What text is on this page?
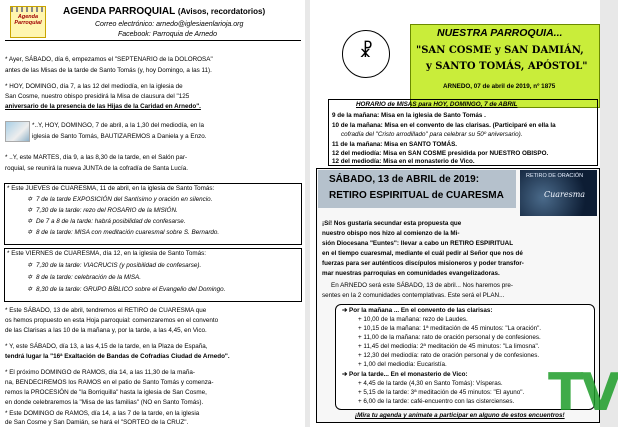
Agenda Parroquial
AGENDA PARROQUIAL (Avisos, recordatorios)
Correo electrónico: arnedo@iglesiaenlarioja.org
Facebook: Parroquia de Arnedo
* Ayer, SÁBADO, día 6, empezamos el "SEPTENARIO de la DOLOROSA"
antes de las Misas de la tarde de Santo Tomás (y, hoy Domingo, a las 11).
* HOY, DOMINGO, día 7, a las 12 del mediodía, en la iglesia de
San Cosme, nuestro obispo presidirá la Misa de clausura del "125
aniversario de la presencia de las Hijas de la Caridad en Arnedo".
*..Y, HOY, DOMINGO, 7 de abril, a la 1,30 del mediodía, en la
iglesia de Santo Tomás, BAUTIZAREMOS a Daniela y a Enzo.
* ..Y, este MARTES, día 9, a las 8,30 de la tarde, en el Salón par-
roquial, se reunirá la nueva JUNTA de la cofradía de Santa Lucía.
* Este JUEVES de CUARESMA, 11 de abril, en la iglesia de Santo Tomás:
✡ 7 de la tarde EXPOSICIÓN del Santísimo y oración en silencio.
✡ 7,30 de la tarde: rezo del ROSARIO de la MISIÓN.
✡ De 7 a 8 de la tarde: habrá posibilidad de confesarse.
✡ 8 de la tarde: MISA con meditación cuaresmal sobre S. Bernardo.
* Este VIERNES de CUARESMA, día 12, en la iglesia de Santo Tomás:
✡ 7,30 de la tarde: VIACRUCIS (y posibilidad de confesarse).
✡ 8 de la tarde: celebración de la MISA.
✡ 8,30 de la tarde: GRUPO BÍBLICO sobre el Evangelio del Domingo.
* Este SÁBADO, 13 de abril, tendremos el RETIRO de CUARESMA que
os hemos propuesto en esta Hoja parroquial: comenzaremos en el convento
de las Clarisas a las 10 de la mañana y, por la tarde, a las 4,45, en Vico.
* Y, este SÁBADO, día 13, a las 4,15 de la tarde, en la Plaza de España,
tendrá lugar la "16ª Exaltación de Bandas de Cofradías Ciudad de Arnedo".
* El próximo DOMINGO de RAMOS, día 14, a las 11,30 de la maña-
na, BENDECIREMOS los RAMOS en el patio de Santo Tomás y comenza-
remos la PROCESIÓN de "la Borriquilla" hasta la iglesia de San Cosme,
en donde celebraremos la "Misa de las familias" (NO en Santo Tomás).
* Este DOMINGO de RAMOS, día 14, a las 7 de la tarde, en la iglesia
de San Cosme y San Damián, se hará el "SORTEO de la CRUZ".
☧
NUESTRA PARROQUIA...
"SAN COSME y SAN DAMIÁN,
y SANTO TOMÁS, APÓSTOL"
ARNEDO, 07 de abril de 2019, nº 1875
HORARIO de MISAS para HOY, DOMINGO, 7 de ABRIL
9 de la mañana: Misa en la iglesia de Santo Tomás .
10 de la mañana: Misa en el convento de las clarisas. (Participaré en ella la
cofradía del "Cristo arrodillado" para celebrar su 50º aniversario).
11 de la mañana: Misa en SANTO TOMÁS.
12 del mediodía: Misa en SAN COSME presidida por NUESTRO OBISPO.
12 del mediodía: Misa en el monasterio de Vico.
SÁBADO, 13 de ABRIL de 2019:
RETIRO ESPIRITUAL de CUARESMA
RETIRO DE ORACIÓN
Cuaresma
¡Sí! Nos gustaría secundar esta propuesta que
nuestro obispo nos hizo al comienzo de la Mi-
sión Diocesana "Euntes": llevar a cabo un RETIRO ESPIRITUAL
en el tiempo cuaresmal, mediante el cuál pedir al Señor que nos dé
fuerzas para ser auténticos discípulos misioneros y poder transfor-
mar nuestras parroquias en comunidades evangelizadoras.
En ARNEDO será este SÁBADO, 13 de abril... Nos haremos pre-
sentes en la 2 comunidades contemplativas. Este será el PLAN...
➔ Por la mañana ... En el convento de las clarisas:
+ 10,00 de la mañana: rezo de Laudes.
+ 10,15 de la mañana: 1ª meditación de 45 minutos: "La oración".
+ 11,00 de la mañana: rato de oración personal y de confesiones.
+ 11,45 del mediodía: 2ª meditación de 45 minutos: "La limosna".
+ 12,30 del mediodía: rato de oración personal y de confesiones.
+ 1,00 del mediodía: Eucaristía.
➔ Por la tarde... En el monasterio de Vico:
+ 4,45 de la tarde (4,30 en Santo Tomás): Vísperas.
+ 5,15 de la tarde: 3ª meditación de 45 minutos: "El ayuno".
+ 6,00 de la tarde: café-encuentro con las cistercienses.
¡Mira tu agenda y anímate a participar en alguno de estos encuentros!
TV
